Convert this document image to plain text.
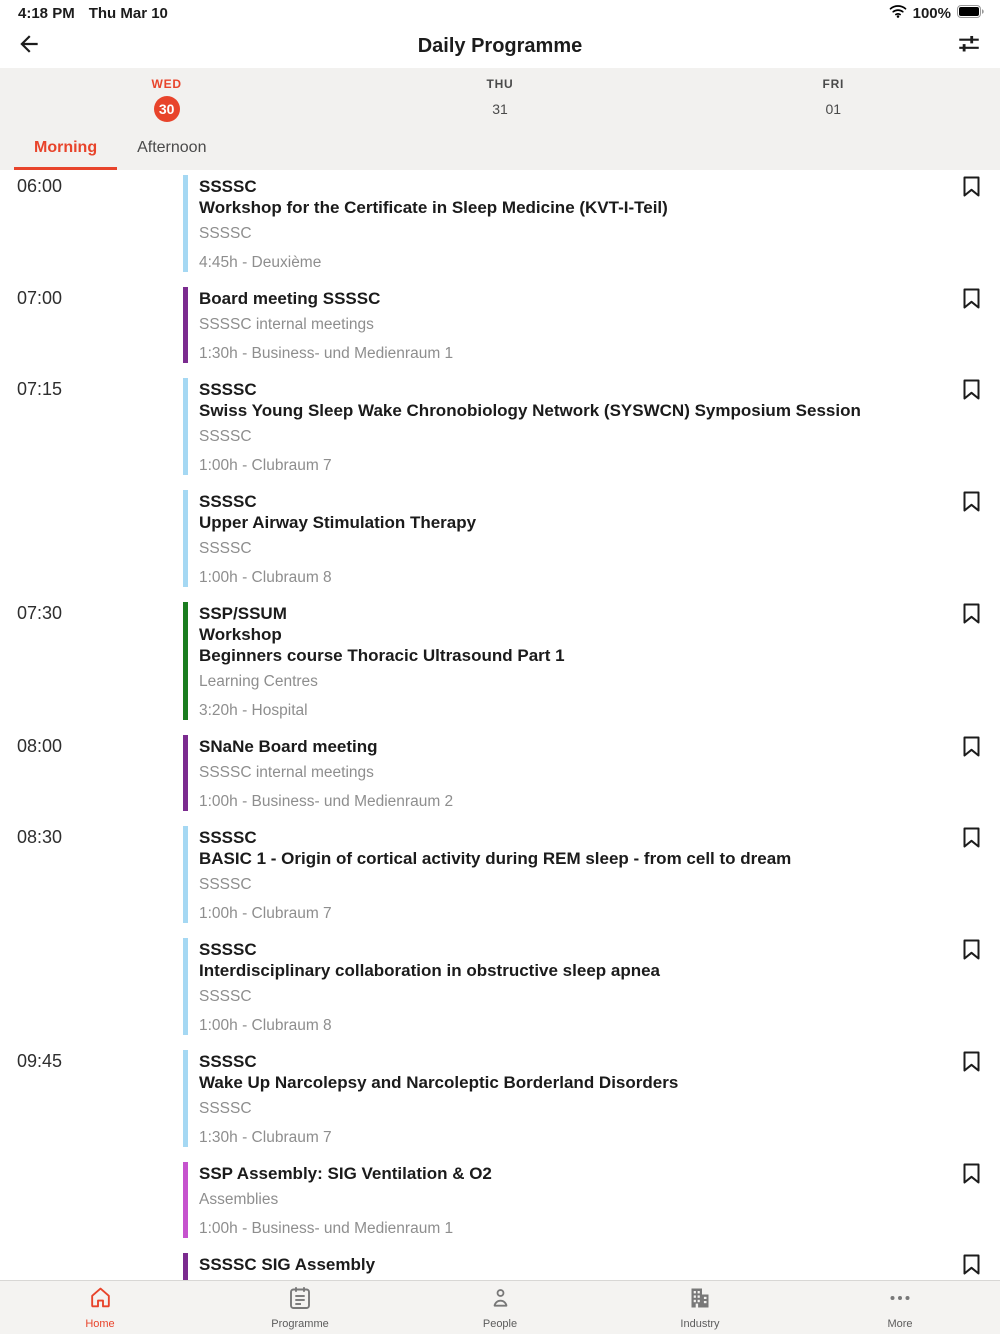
4:18 PM Thu Mar 10	100%
Daily Programme
WED
30
THU
31
FRI
01
Morning	Afternoon
06:00	SSSSC
Workshop for the Certificate in Sleep Medicine (KVT-I-Teil)
SSSSC
4:45h - Deuxième
07:00	Board meeting SSSSC
SSSSC internal meetings
1:30h - Business- und Medienraum 1
07:15	SSSSC
Swiss Young Sleep Wake Chronobiology Network (SYSWCN) Symposium Session
SSSSC
1:00h - Clubraum 7
SSSSC
Upper Airway Stimulation Therapy
SSSSC
1:00h - Clubraum 8
07:30	SSP/SSUM
Workshop
Beginners course Thoracic Ultrasound Part 1
Learning Centres
3:20h - Hospital
08:00	SNaNe Board meeting
SSSSC internal meetings
1:00h - Business- und Medienraum 2
08:30	SSSSC
BASIC 1 - Origin of cortical activity during REM sleep - from cell to dream
SSSSC
1:00h - Clubraum 7
SSSSC
Interdisciplinary collaboration in obstructive sleep apnea
SSSSC
1:00h - Clubraum 8
09:45	SSSSC
Wake Up Narcolepsy and Narcoleptic Borderland Disorders
SSSSC
1:30h - Clubraum 7
SSP Assembly: SIG Ventilation & O2
Assemblies
1:00h - Business- und Medienraum 1
SSSSC SIG Assembly
Home	Programme	People	Industry	More
